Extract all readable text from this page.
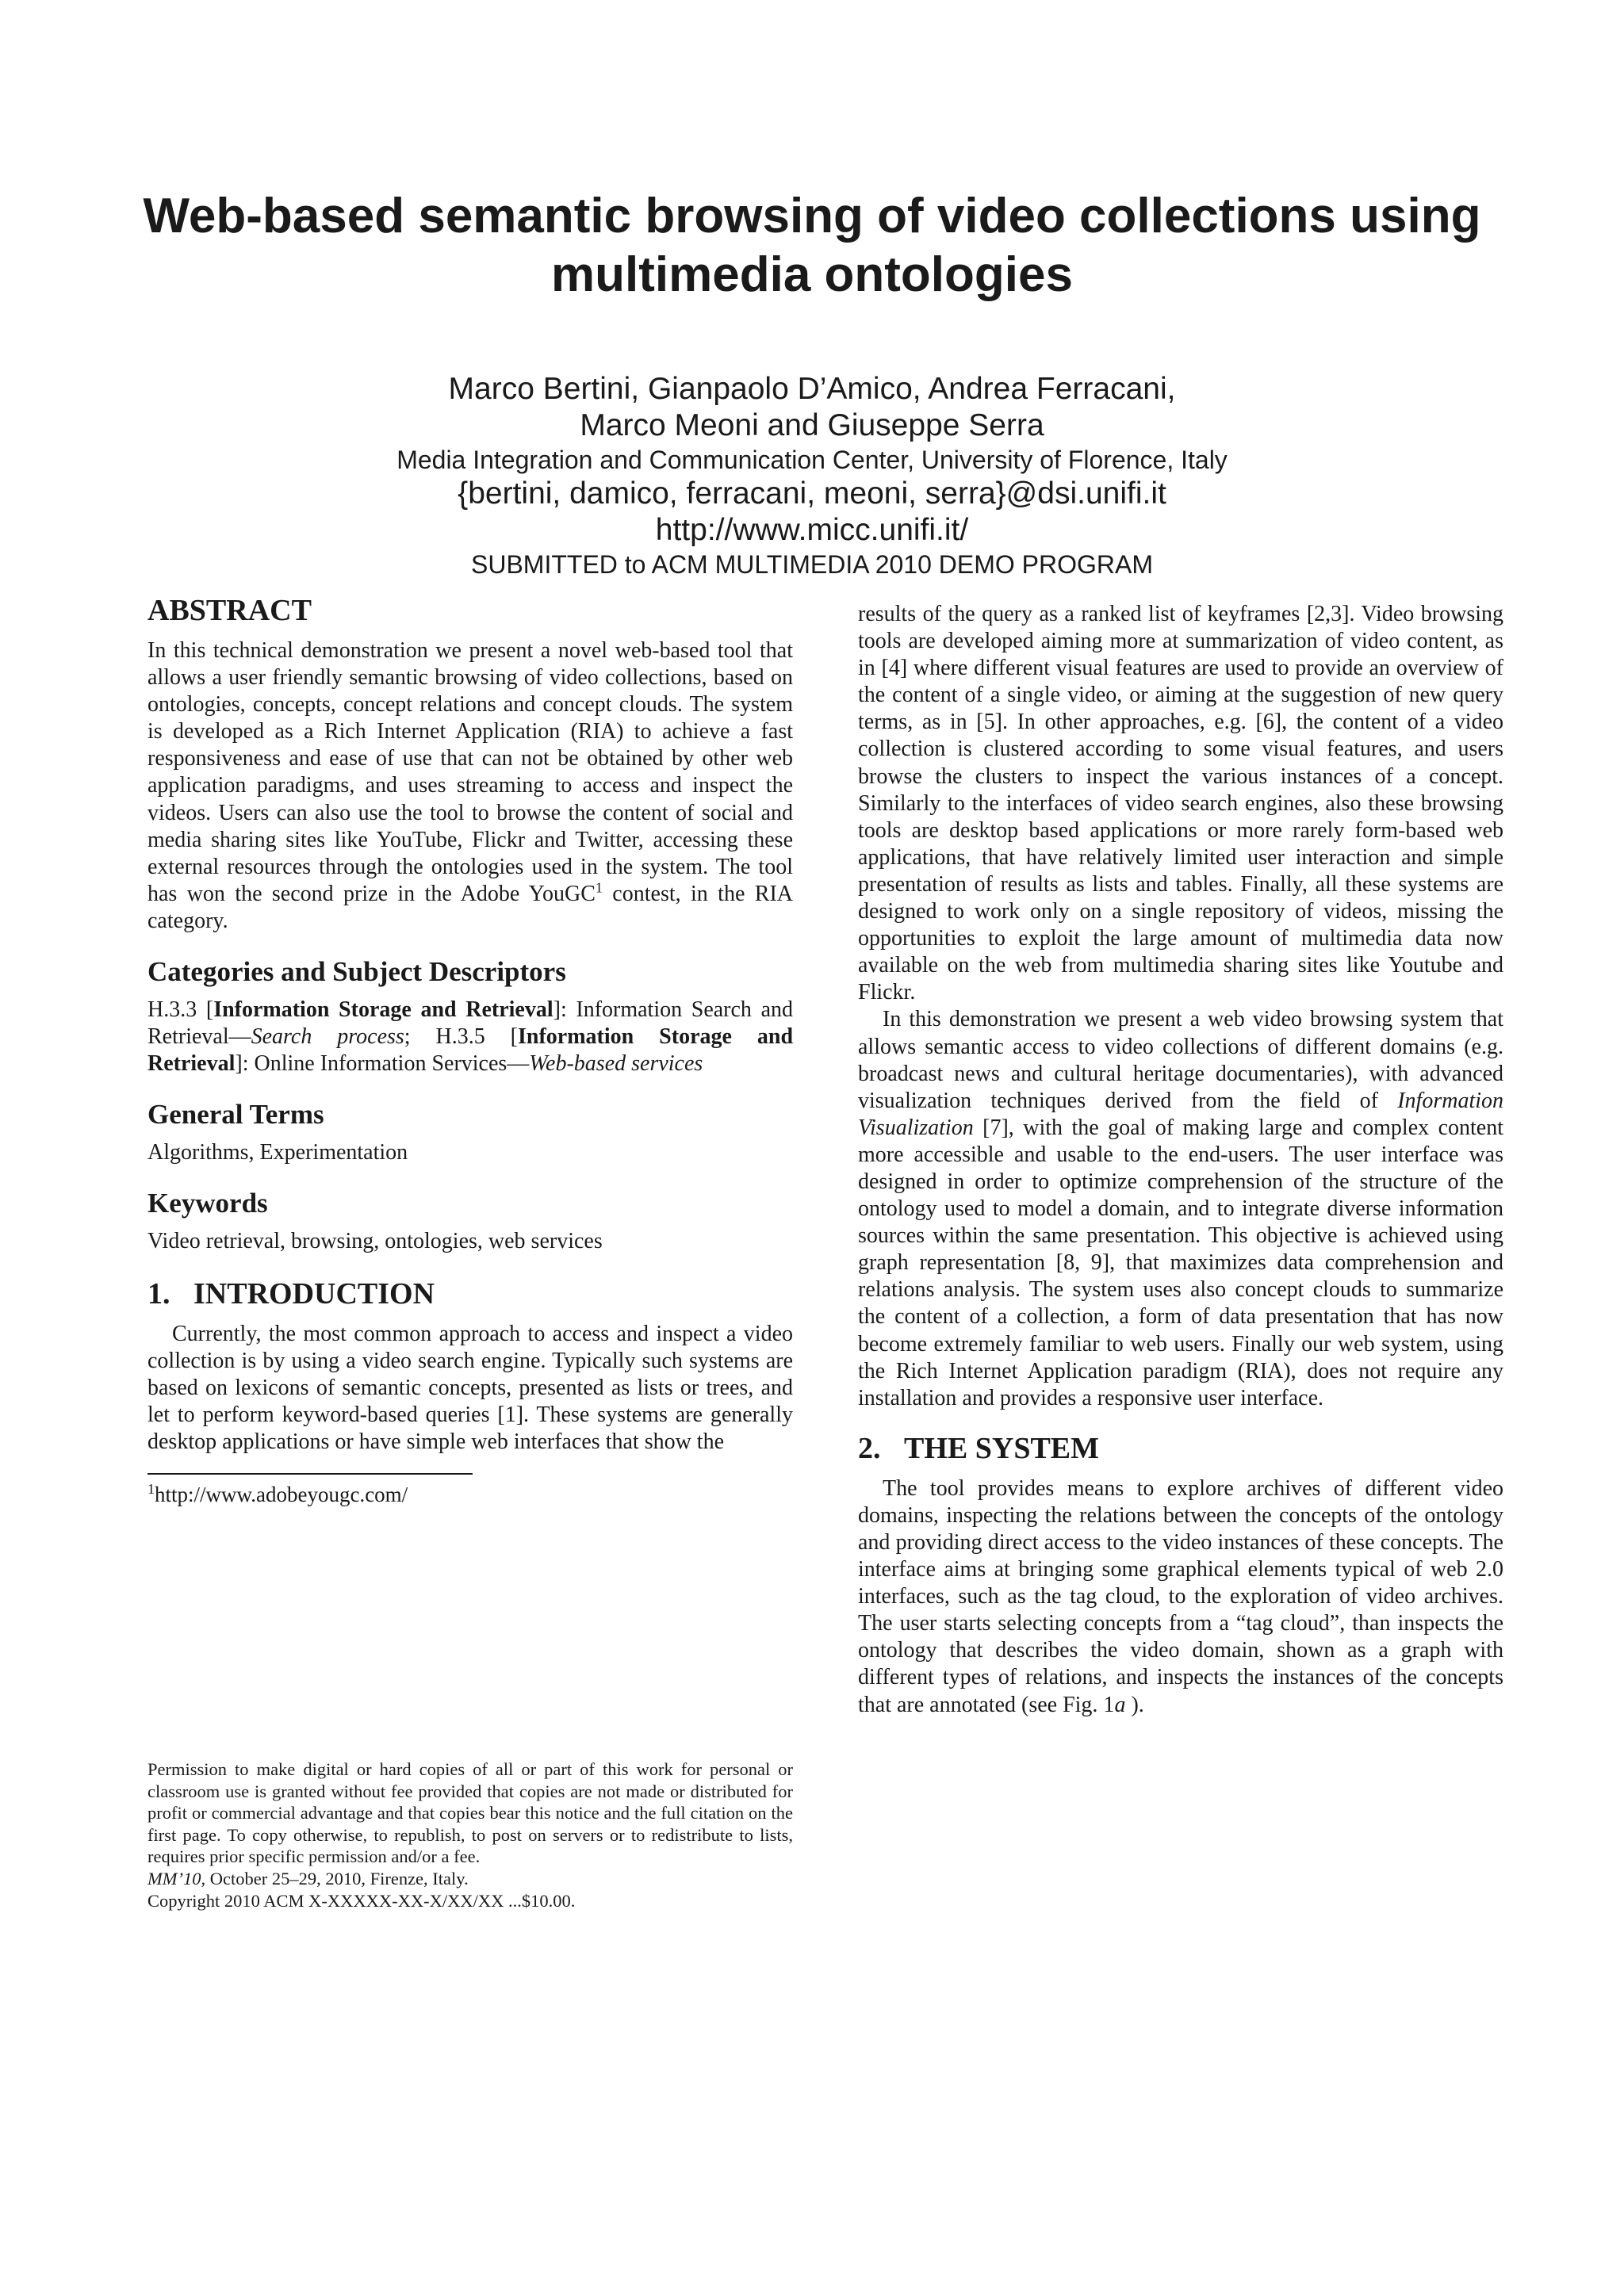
Web-based semantic browsing of video collections using
multimedia ontologies
Marco Bertini, Gianpaolo D’Amico, Andrea Ferracani,
Marco Meoni and Giuseppe Serra
Media Integration and Communication Center, University of Florence, Italy
{bertini, damico, ferracani, meoni, serra}@dsi.unifi.it
http://www.micc.unifi.it/
SUBMITTED to ACM MULTIMEDIA 2010 DEMO PROGRAM
ABSTRACT

In this technical demonstration we present a novel web-based tool that allows a user friendly semantic browsing of video collections, based on ontologies, concepts, concept relations and concept clouds. The system is developed as a Rich Internet Application (RIA) to achieve a fast responsiveness and ease of use that can not be obtained by other web application paradigms, and uses streaming to access and inspect the videos. Users can also use the tool to browse the content of social and media sharing sites like YouTube, Flickr and Twitter, accessing these external resources through the ontologies used in the system. The tool has won the second prize in the Adobe YouGC$^1$ contest, in the RIA category.

Categories and Subject Descriptors

H.3.3 [Information Storage and Retrieval]: Information Search and Retrieval—Search process; H.3.5 [Information Storage and Retrieval]: Online Information Services—Web-based services

General Terms

Algorithms, Experimentation

Keywords

Video retrieval, browsing, ontologies, web services

1. INTRODUCTION

Currently, the most common approach to access and inspect a video collection is by using a video search engine. Typically such systems are based on lexicons of semantic concepts, presented as lists or trees, and let to perform keyword-based queries [1]. These systems are generally desktop applications or have simple web interfaces that show the

$^1$http://www.adobeyougc.com/

Permission to make digital or hard copies of all or part of this work for personal or classroom use is granted without fee provided that copies are not made or distributed for profit or commercial advantage and that copies bear this notice and the full citation on the first page. To copy otherwise, to republish, to post on servers or to redistribute to lists, requires prior specific permission and/or a fee.

MM’10, October 25–29, 2010, Firenze, Italy.

Copyright 2010 ACM X-XXXXX-XX-X/XX/XX ...$10.00.

results of the query as a ranked list of keyframes [2,3]. Video browsing tools are developed aiming more at summarization of video content, as in [4] where different visual features are used to provide an overview of the content of a single video, or aiming at the suggestion of new query terms, as in [5]. In other approaches, e.g. [6], the content of a video collection is clustered according to some visual features, and users browse the clusters to inspect the various instances of a concept. Similarly to the interfaces of video search engines, also these browsing tools are desktop based applications or more rarely form-based web applications, that have relatively limited user interaction and simple presentation of results as lists and tables. Finally, all these systems are designed to work only on a single repository of videos, missing the opportunities to exploit the large amount of multimedia data now available on the web from multimedia sharing sites like Youtube and Flickr.

In this demonstration we present a web video browsing system that allows semantic access to video collections of different domains (e.g. broadcast news and cultural heritage documentaries), with advanced visualization techniques derived from the field of Information Visualization [7], with the goal of making large and complex content more accessible and usable to the end-users. The user interface was designed in order to optimize comprehension of the structure of the ontology used to model a domain, and to integrate diverse information sources within the same presentation. This objective is achieved using graph representation [8, 9], that maximizes data comprehension and relations analysis. The system uses also concept clouds to summarize the content of a collection, a form of data presentation that has now become extremely familiar to web users. Finally our web system, using the Rich Internet Application paradigm (RIA), does not require any installation and provides a responsive user interface.

2. THE SYSTEM

The tool provides means to explore archives of different video domains, inspecting the relations between the concepts of the ontology and providing direct access to the video instances of these concepts. The interface aims at bringing some graphical elements typical of web 2.0 interfaces, such as the tag cloud, to the exploration of video archives. The user starts selecting concepts from a “tag cloud”, than inspects the ontology that describes the video domain, shown as a graph with different types of relations, and inspects the instances of the concepts that are annotated (see Fig. 1a ).
